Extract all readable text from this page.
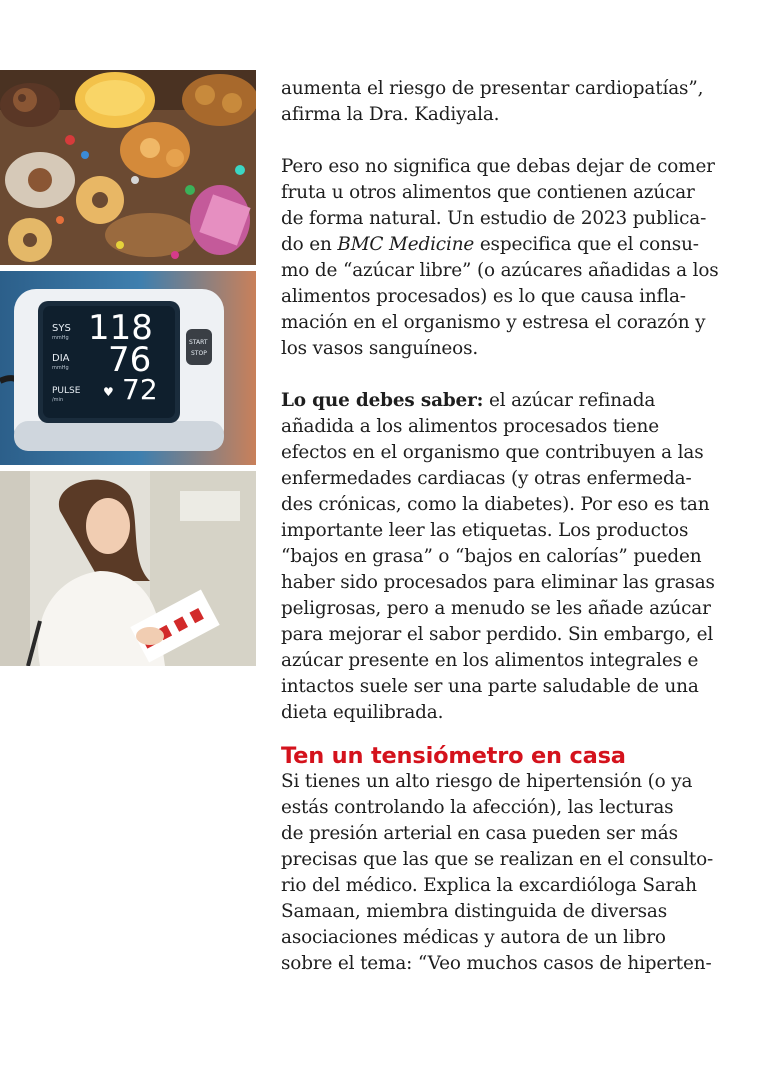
SYS
mmHg 118
DIA
mmHg 76
PULSE
/min
♥ 72
START
STOP

aumenta el riesgo de presentar cardiopatías”,
afirma la Dra. Kadiyala.

Pero eso no significa que debas dejar de comer
fruta u otros alimentos que contienen azúcar
de forma natural. Un estudio de 2023 publica-
do en BMC Medicine especifica que el consu-
mo de “azúcar libre” (o azúcares añadidas a los
alimentos procesados) es lo que causa infla-
mación en el organismo y estresa el corazón y
los vasos sanguíneos.

Lo que debes saber: el azúcar refinada
añadida a los alimentos procesados tiene
efectos en el organismo que contribuyen a las
enfermedades cardiacas (y otras enfermeda-
des crónicas, como la diabetes). Por eso es tan
importante leer las etiquetas. Los productos
“bajos en grasa” o “bajos en calorías” pueden
haber sido procesados para eliminar las grasas
peligrosas, pero a menudo se les añade azúcar
para mejorar el sabor perdido. Sin embargo, el
azúcar presente en los alimentos integrales e
intactos suele ser una parte saludable de una
dieta equilibrada.

Ten un tensiómetro en casa

Si tienes un alto riesgo de hipertensión (o ya
estás controlando la afección), las lecturas
de presión arterial en casa pueden ser más
precisas que las que se realizan en el consulto-
rio del médico. Explica la excardióloga Sarah
Samaan, miembra distinguida de diversas
asociaciones médicas y autora de un libro
sobre el tema: “Veo muchos casos de hiperten-
